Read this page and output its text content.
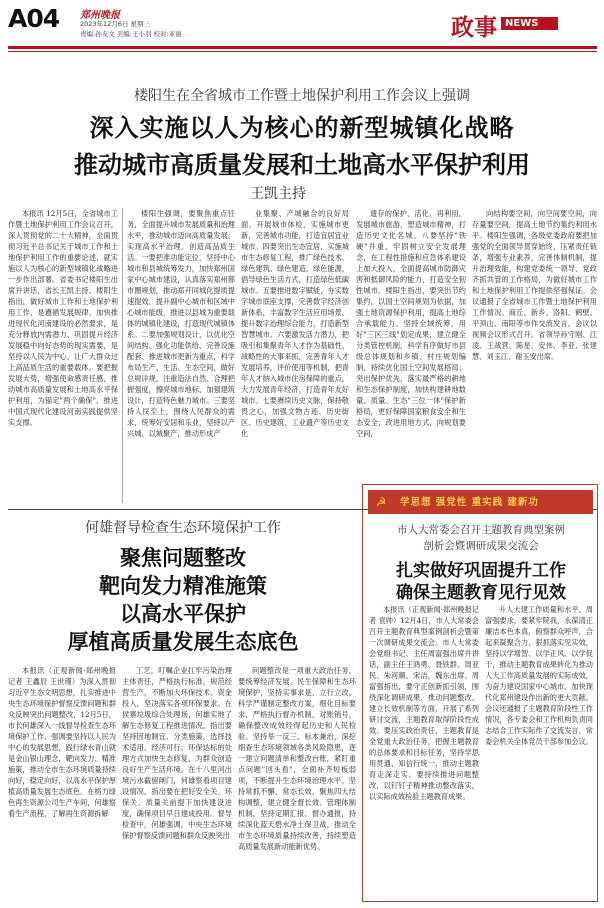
A04 郑州晚报
2023年12月6日 星期三
责编:孙友文 美编:王小羽 校对:亚丽	政事 NEWS
楼阳生在全省城市工作暨土地保护利用工作会议上强调
深入实施以人为核心的新型城镇化战略
推动城市高质量发展和土地高水平保护利用
王凯主持
本报讯 12月5日，全省城市工作暨土地保护利用工作会议召开，深入贯彻党的二十大精神，全面贯彻习近平总书记关于城市工作和土地保护利用工作的重要论述，就实施以人为核心的新型城镇化战略进一步作出部署。省委书记楼阳生出席并讲话，省长王凯主持。楼阳生指出，做好城市工作和土地保护利用工作，是遵循发展规律、加快推进现代化河南建设的必然要求，是充分释放内需潜力、巩固提升经济发展稳中向好态势的现实需要，是坚持以人民为中心、让广大群众过上高品质生活的重要载体。要把握发展大势，增强使命感责任感，推动城市高质量发展和土地高水平保护利用，为锚定"两个确保"、推进中国式现代化建设河南实践提供坚实支撑。
楼阳生强调，要聚焦重点任务，全面提升城市发展质量和治理水平，推动城市迈向高质量发展、实现高水平治理、创造高品质生活。一要把准功能定位，坚持中心城市和县城统筹发力，加快郑州国家中心城市建设，认真落实郑州都市圈规划，推动郑开同城化提质提速提效，提升副中心城市和区域中心城市能级，推进以县城为重要载体的城镇化建设，打造现代城镇体系。二要加强规划设计，以优化空间结构、强化功能供给、完善设施配套、推进城市更新为重点，科学布局生产、生活、生态空间，做好总规详规，注重造法自然、合理把握强度，擦亮城市地标，加强建筑设计，打造特色魅力城市。三要坚持人民至上，围绕人民群众的需求，统筹好安居和乐业，坚持以产兴城、以城聚产，推动形成产
业集聚、产城融合的良好局面，开展城市体检，实施城市更新，完善城市功能，打造宜居宜业城市。四要突出生态宜居，实施城市生态修复工程，推广绿色技术、绿色建筑、绿色建造、绿色能源，倡导绿色生活方式，打造绿色低碳城市。五要推进数字赋能，夯实数字城市底座支撑，完善数字经济创新体系，丰富数字生活应用场景，提升数字治理综合能力，打造新型智慧城市。六要激发活力潜力，把吸引和集聚青年人才作为基础性、战略性的大事来抓，完善青年人才发展培养、评价使用等机制，把青年人才纳入城市住房保障的重点，大力发展青年经济，打造青年友好城市。七要赓续历史文脉，保持敬畏之心，加强文物古迹、历史街区、历史建筑、工业遗产等历史文化
遗存的保护、活化、再利用，发展城市旅游，塑造城市精神，打造历史文化名城。八要坚持"铁硬"并重，牢固树立安全发展理念，在工程性措施和应急体系建设上加大投入，全面提高城市防御灾害和抵御风险的能力，打造安全韧性城市。楼阳生指出，要突出节约集约，以国土空间规划为依据，加强土地资源保护利用，提高土地综合承载能力。坚持全域统筹，用好"三区三线"划定成果，建立健全分类管控机制，科学有序做好市县级总体规划和乡镇、村庄规划编制，持续优化国土空间发展格局；突出保护优先，落实最严格的耕地和生态保护制度，加快构建耕地数量、质量、生态"三位一体"保护新格局，更好保障国家粮食安全和生态安全；改进用地方式，向规划要空间，
向结构要空间，向空间要空间，向存量要空间，提高土地节约集约利用水平。楼阳生强调，各级党委政府要把加强党的全面领导贯穿始终，压紧责任链条，增强专业素养，完善体制机制，提升治理效能，构建党委统一领导、党政齐抓共管的工作格局，为做好城市工作和土地保护利用工作提供坚强保证。会议通报了全省城市工作暨土地保护利用工作情况。商丘、新乡、洛阳、鹤壁、平顶山、南阳等市作交流发言。会议以视频会议形式召开。省领导孙守刚、江凌、王战营、陈星、安伟、李亚、张建慧、刘玉江、谢玉安出席。
何雄督导检查生态环境保护工作
聚焦问题整改
靶向发力精准施策
以高水平保护
厚植高质量发展生态底色
本报讯（正观新闻·郑州晚报记者 王鑫辰 王世瑾）为深入贯彻习近平生态文明思想，扎实推进中央生态环境保护督察反馈问题和群众反映突出问题整改，12月5日，市长何雄深入一线督导检查生态环境保护工作，强调要坚持以人民为中心的发展思想，践行绿水青山就是金山银山理念，靶向发力、精准施策，推动全市生态环境质量持续向好，稳定向好，以高水平保护厚植高质量发展生态底色。在格力绿色再生资源公司生产车间，何雄察看生产流程，了解再生资源拆解
工艺，叮嘱企业扛牢污染治理主体责任，严格执行标准，规范经营生产，不断加大环保技术、资金投入，坚决落实各项环保要求。在侯寨垃圾综合处理场，何雄实地了解生态修复工程推进情况，指出要坚持因地制宜、分类施策，选择技术适用、经济可行、环保达标的处理方式加快生态修复，为群众创造良好生产生活环境。在十八里河出境污水截留闸门，何雄察看项目建设情况，指出要在把好安全关、环保关、质量关前提下加快建设进度，确保项目早日建成投用。督导检查中，何雄强调，中央生态环境保护督察反馈问题和群众反映突出
问题整改是一项重大政治任务，要统筹经济发展、民生保障和生态环境保护，坚持实事求是、立行立改，科学严谨制定整改方案，细化目标要求，严格执行督办机制，对账销号，确保整改成效经得起历史和人民检验。坚持举一反三、标本兼治，深挖细查生态环境领域各类风险隐患，逐一建立问题清单和整改台账，紧盯重点问题"回头看"，全面补齐短板弱项，不断提升生态环境治理水平。坚持常抓不懈、常态长效，聚焦四大结构调整，建立健全督长效、管理体制机制，坚持定期汇报、督办通报，持续深化蓝天碧水净土保卫战，推动全市生态环境质量持续改善，持续塑造高质量发展新动能新优势。
☭	学思想 强党性 重实践 建新功
市人大常委会召开主题教育典型案例
剖析会暨调研成果交流会
扎实做好巩固提升工作
确保主题教育见行见效
本报讯（正观新闻·郑州晚报记者 袁帅）12月4日，市人大常委会召开主题教育典型案例剖析会暨第一次调研成果交流会。市人大常委会党组书记、主任周富强出席并讲话，副主任王鸿勇、聂铁群、周亚民、朱河顺、宋洁、魏东出席。周富强指出，要守正创新抓引领，围绕深化调研成果、推动问题整改、建立长效机制等方面，开展了系列研讨交流，主题教育取得阶段性成效。要压实政治责任，主题教育是全党重大政治任务，把握主题教育的总体要求和目标任务，坚持学思用贯通、知信行统一，推动主题教育走深走实。要持续推进问题整改，以钉钉子精神推动整改落实，以实际成效检验主题教育成果。
升人大建工作质量和水平。周富强要求，要紧牢院我，永葆清正廉洁本色本真，俯察群众呼声，合起来凝聚合力，狠抓落实见实效，坚持以学增智、以学正风、以学促干，推动主题教育成果转化为推动人大工作高质量发展的实际成效，为奋力建设国家中心城市、加快现代化郑州建设作出新的更大贡献。会议还通报了主题教育阶段性工作情况，各专委会和工作机构负责同志结合工作实际作了交流发言，常委会机关全体党员干部参加会议。
